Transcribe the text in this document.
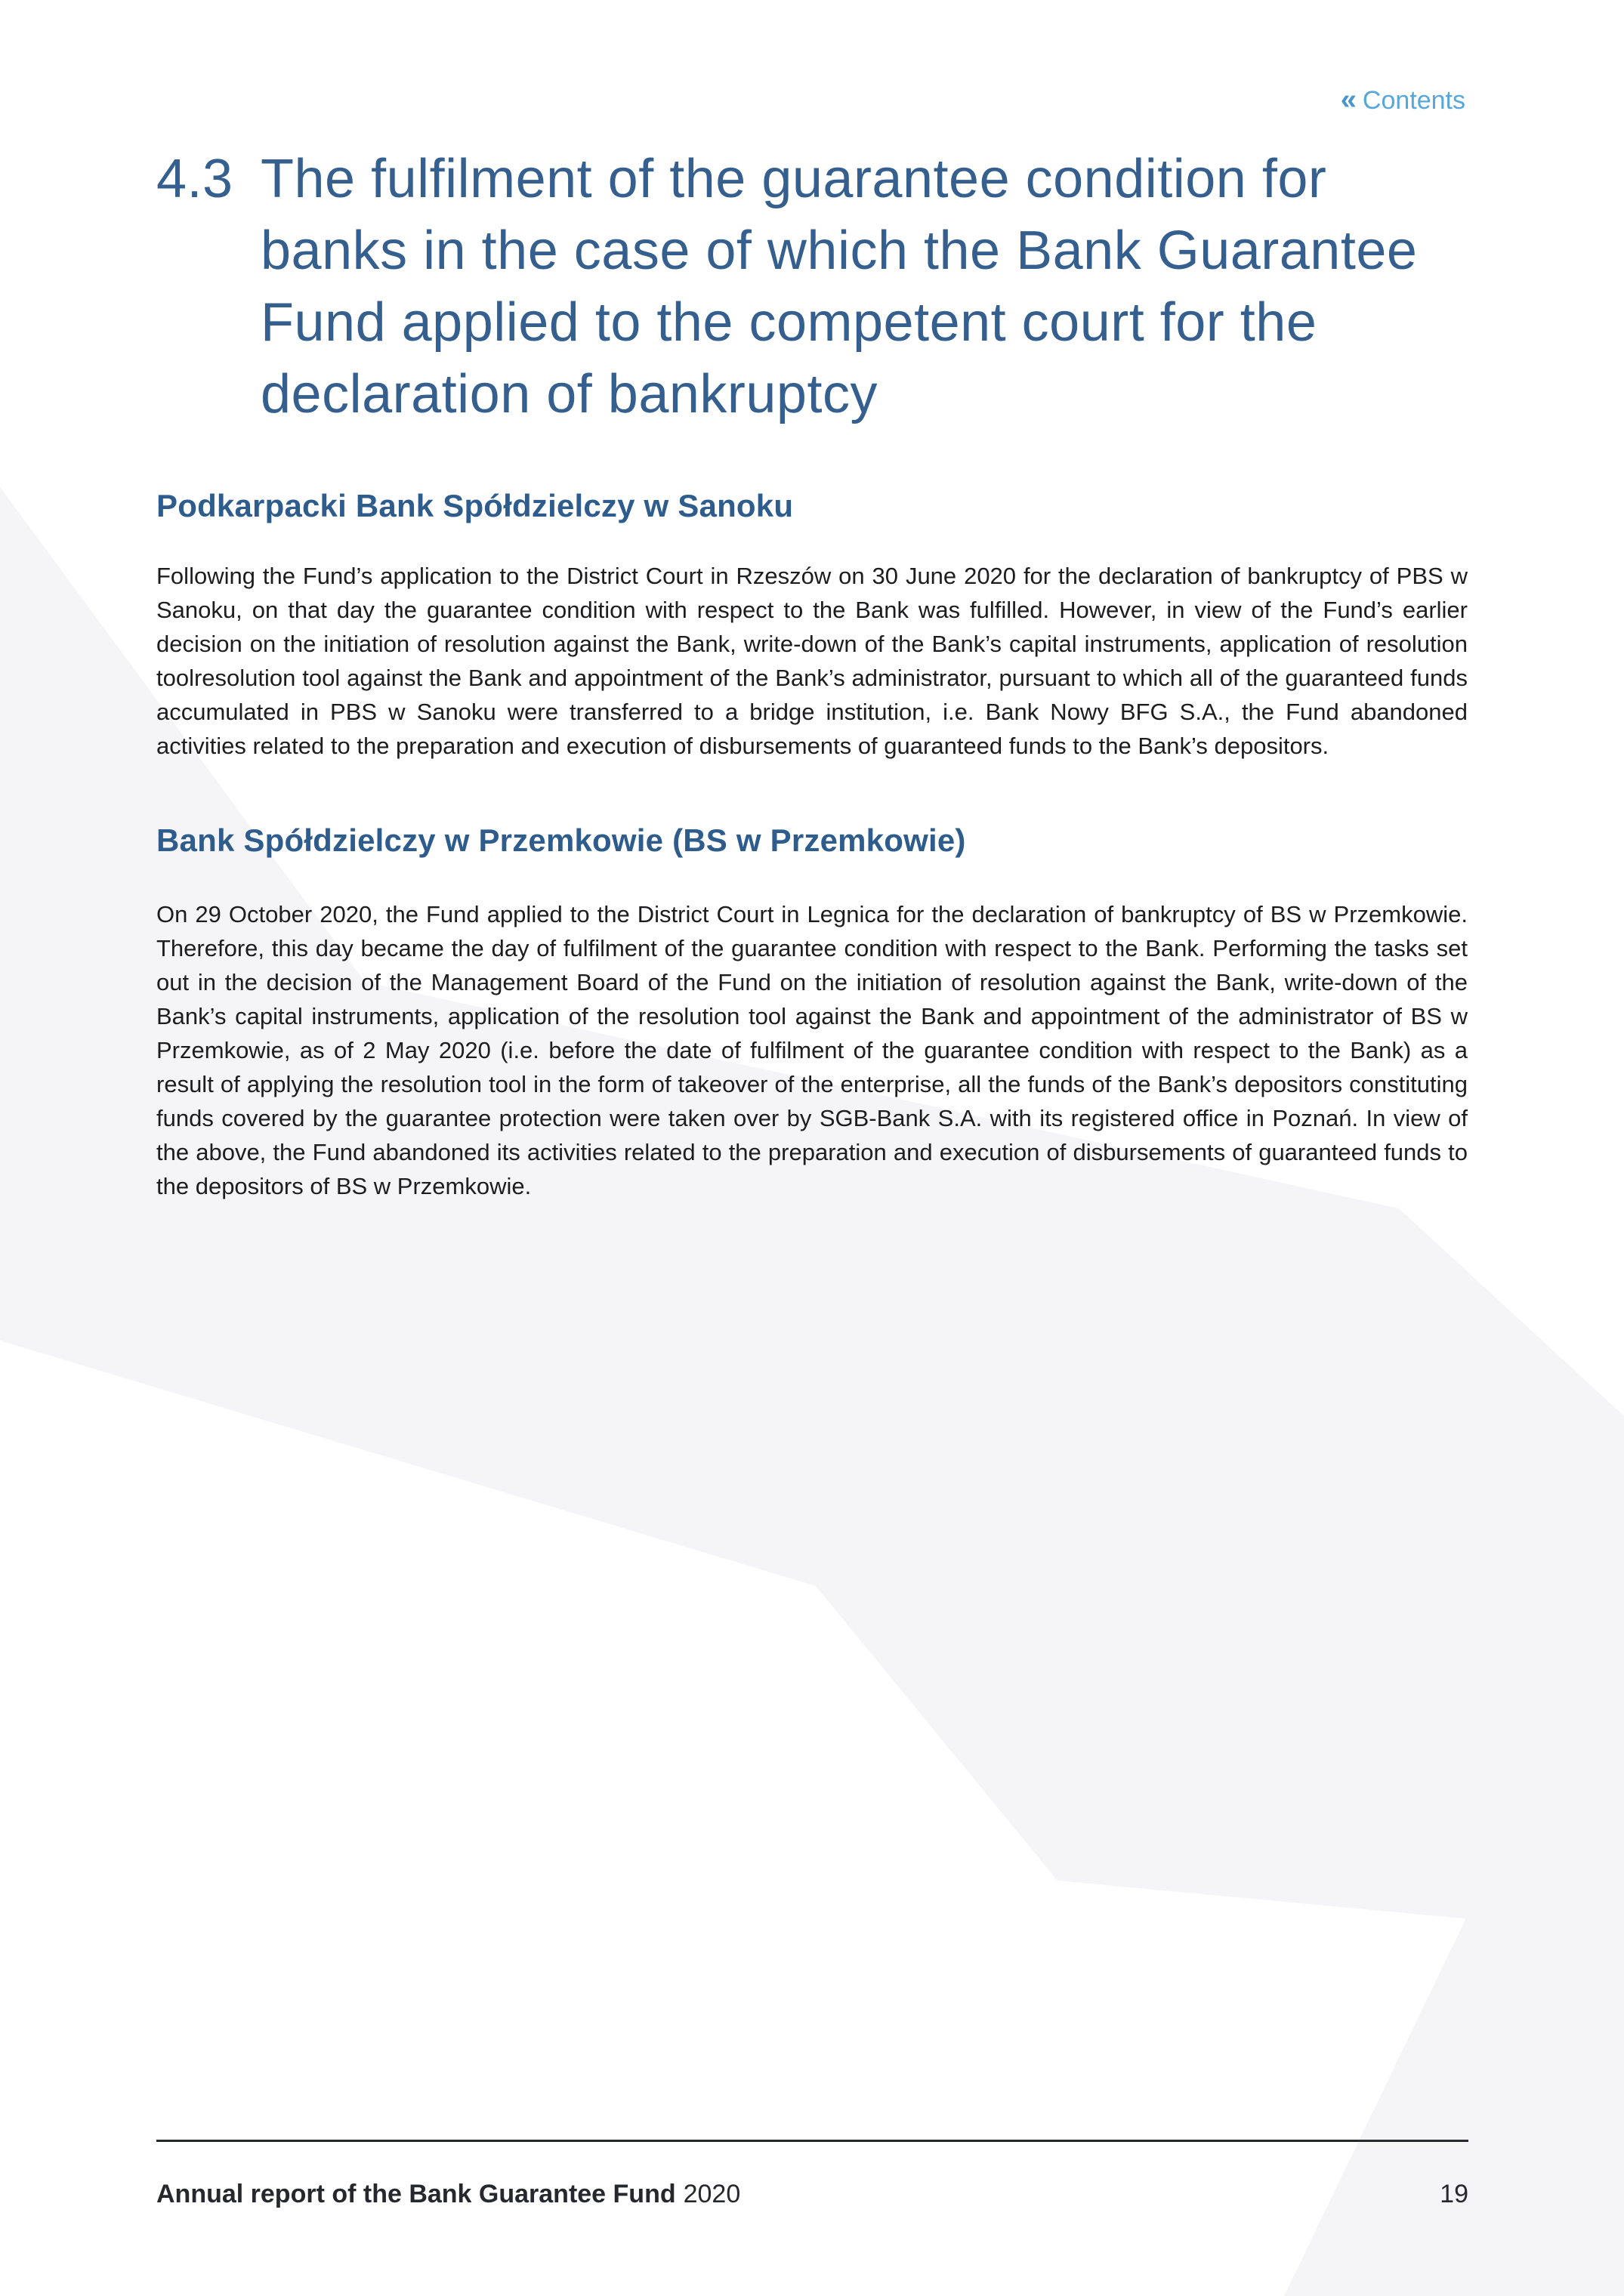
« Contents
4.3 The fulfilment of the guarantee condition for
banks in the case of which the Bank Guarantee
Fund applied to the competent court for the
declaration of bankruptcy
Podkarpacki Bank Spółdzielczy w Sanoku
Following the Fund’s application to the District Court in Rzeszów on 30 June 2020 for the declaration of bankruptcy of PBS w Sanoku, on that day the guarantee condition with respect to the Bank was fulfilled. However, in view of the Fund’s earlier decision on the initiation of resolution against the Bank, write-down of the Bank’s capital instruments, application of resolution toolresolution tool against the Bank and appointment of the Bank’s administrator, pursuant to which all of the guaranteed funds accumulated in PBS w Sanoku were transferred to a bridge institution, i.e. Bank Nowy BFG S.A., the Fund abandoned activities related to the preparation and execution of disbursements of guaranteed funds to the Bank’s depositors.
Bank Spółdzielczy w Przemkowie (BS w Przemkowie)
On 29 October 2020, the Fund applied to the District Court in Legnica for the declaration of bankruptcy of BS w Przemkowie. Therefore, this day became the day of fulfilment of the guarantee condition with respect to the Bank. Performing the tasks set out in the decision of the Management Board of the Fund on the initiation of resolution against the Bank, write-down of the Bank’s capital instruments, application of the resolution tool against the Bank and appointment of the administrator of BS w Przemkowie, as of 2 May 2020 (i.e. before the date of fulfilment of the guarantee condition with respect to the Bank) as a result of applying the resolution tool in the form of takeover of the enterprise, all the funds of the Bank’s depositors constituting funds covered by the guarantee protection were taken over by SGB-Bank S.A. with its registered office in Poznań. In view of the above, the Fund abandoned its activities related to the preparation and execution of disbursements of guaranteed funds to the depositors of BS w Przemkowie.
Annual report of the Bank Guarantee Fund 2020	19
